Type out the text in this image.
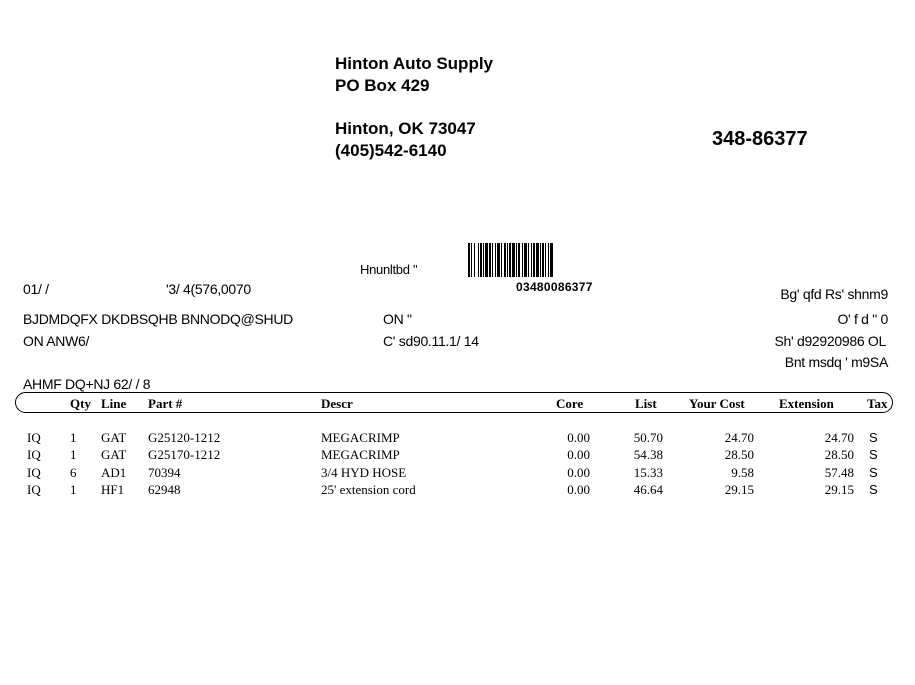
Hinton Auto Supply
PO Box 429
Hinton, OK 73047
(405)542-6140
348-86377
Hnunltbd "
03480086377
01/ /	'3/ 4(576,0070	Bg' qfd Rs' shnm9
BJDMDQFX DKDBSQHB BNNODQ@SHUD
ON ANW6/
ON "
C' sd90.11.1/ 14
O' f d " 0
Sh' d92920986 OL
Bnt msdq ' m9SA
AHMF DQ+NJ 62/ / 8
Qty Line Part #	Descr	Core	List Your Cost	Extension	Tax
IQ 1 GAT G25120-1212	MEGACRIMP	0.00	50.70	24.70	24.70 S
IQ 1 GAT G25170-1212	MEGACRIMP	0.00	54.38	28.50	28.50 S
IQ 6 AD1 70394	3/4 HYD HOSE	0.00	15.33	9.58	57.48 S
IQ 1 HF1 62948	25' extension cord	0.00	46.64	29.15	29.15 S
